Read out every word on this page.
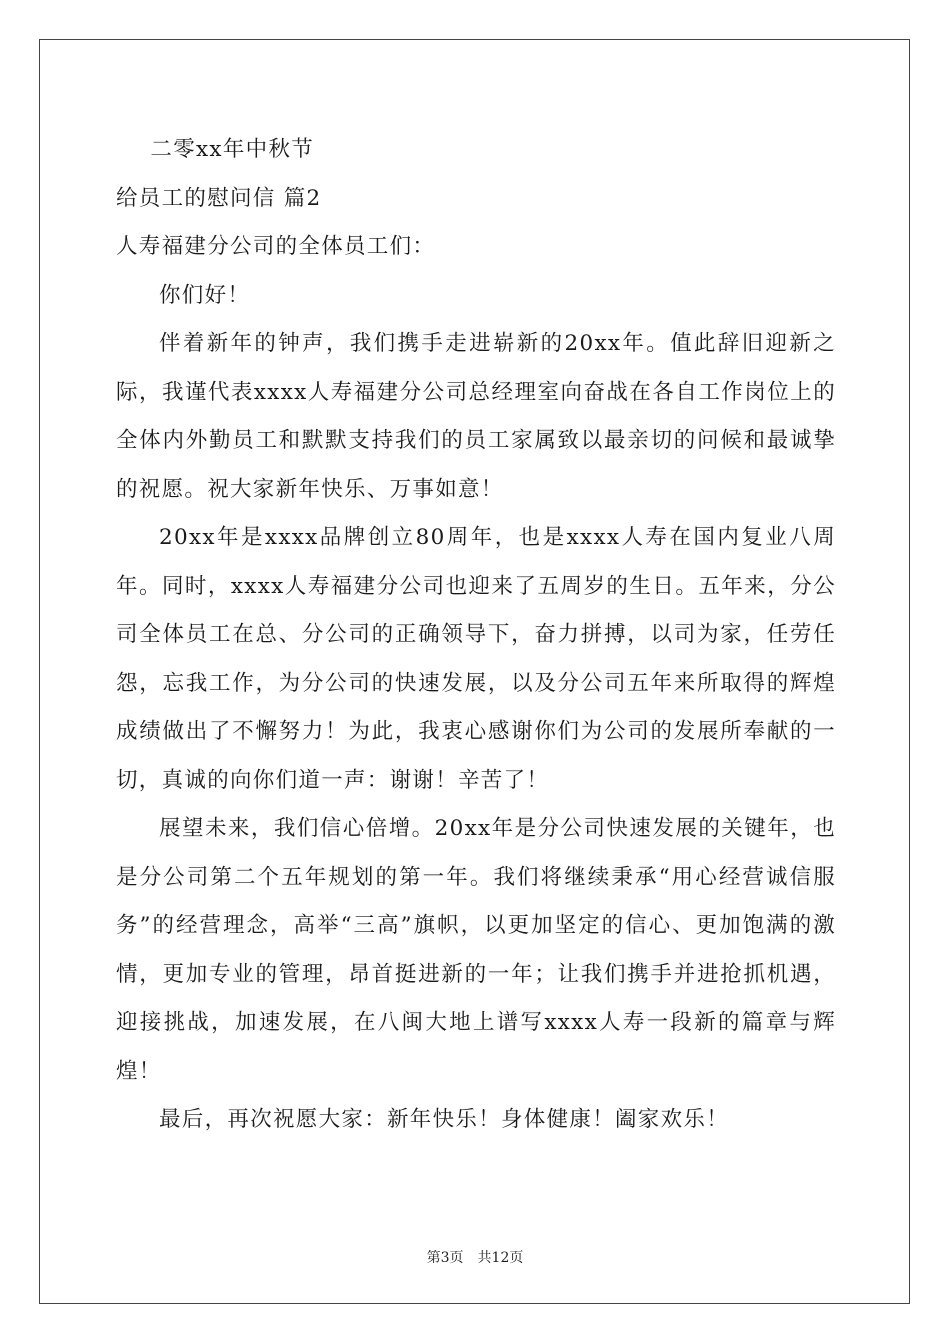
二零xx年中秋节

给员工的慰问信 篇2

人寿福建分公司的全体员工们：

你们好！

伴着新年的钟声，我们携手走进崭新的20xx年。值此辞旧迎新之际，我谨代表xxxx人寿福建分公司总经理室向奋战在各自工作岗位上的全体内外勤员工和默默支持我们的员工家属致以最亲切的问候和最诚挚的祝愿。祝大家新年快乐、万事如意！

20xx年是xxxx品牌创立80周年，也是xxxx人寿在国内复业八周年。同时，xxxx人寿福建分公司也迎来了五周岁的生日。五年来，分公司全体员工在总、分公司的正确领导下，奋力拼搏，以司为家，任劳任怨，忘我工作，为分公司的快速发展，以及分公司五年来所取得的辉煌成绩做出了不懈努力！为此，我衷心感谢你们为公司的发展所奉献的一切，真诚的向你们道一声：谢谢！辛苦了！

展望未来，我们信心倍增。20xx年是分公司快速发展的关键年，也是分公司第二个五年规划的第一年。我们将继续秉承“用心经营诚信服务”的经营理念，高举“三高”旗帜，以更加坚定的信心、更加饱满的激情，更加专业的管理，昂首挺进新的一年；让我们携手并进抢抓机遇，迎接挑战，加速发展，在八闽大地上谱写xxxx人寿一段新的篇章与辉煌！

最后，再次祝愿大家：新年快乐！身体健康！阖家欢乐！

第3页 共12页
